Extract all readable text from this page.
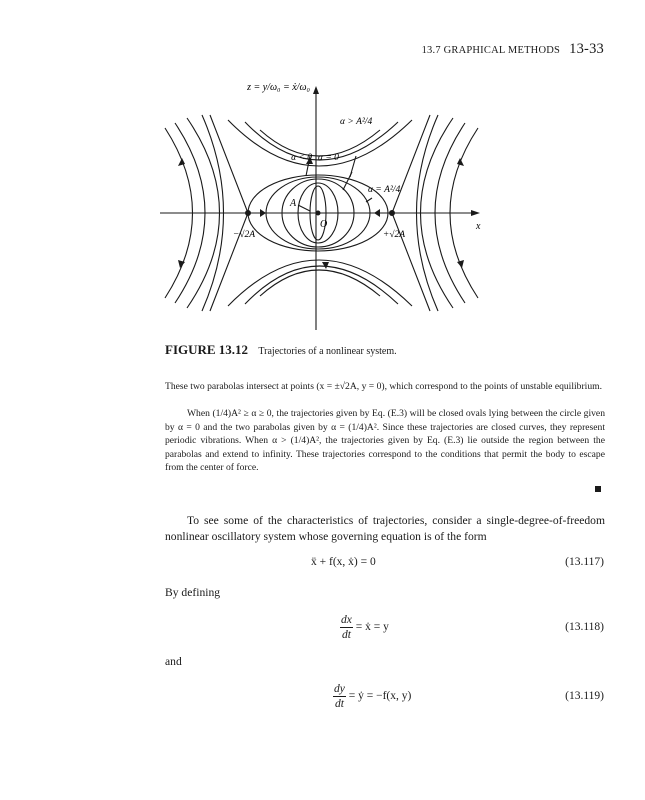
13.7 GRAPHICAL METHODS 13-33
z = y/ω₀ = ẋ/ω₀
x
α > A²/4
α < 0 α = 0
α = A²/4
A
O
−√2A	+√2A
FIGURE 13.12 Trajectories of a nonlinear system.

These two parabolas intersect at points (x = ±√2A, y = 0), which correspond to the points of unstable equilibrium.

When (1/4)A² ≥ α ≥ 0, the trajectories given by Eq. (E.3) will be closed ovals lying between the circle given by α = 0 and the two parabolas given by α = (1/4)A². Since these trajectories are closed curves, they represent periodic vibrations. When α > (1/4)A², the trajectories given by Eq. (E.3) lie outside the region between the parabolas and extend to infinity. These trajectories correspond to the conditions that permit the body to escape from the center of force.

To see some of the characteristics of trajectories, consider a single-degree-of-freedom nonlinear oscillatory system whose governing equation is of the form

ẍ + f(x, ẋ) = 0	(13.117)
By defining
$\frac{dx}{dt}$ = ẋ = y	(13.118)
and
$\frac{dy}{dt}$ = ẏ = −f(x, y)	(13.119)
